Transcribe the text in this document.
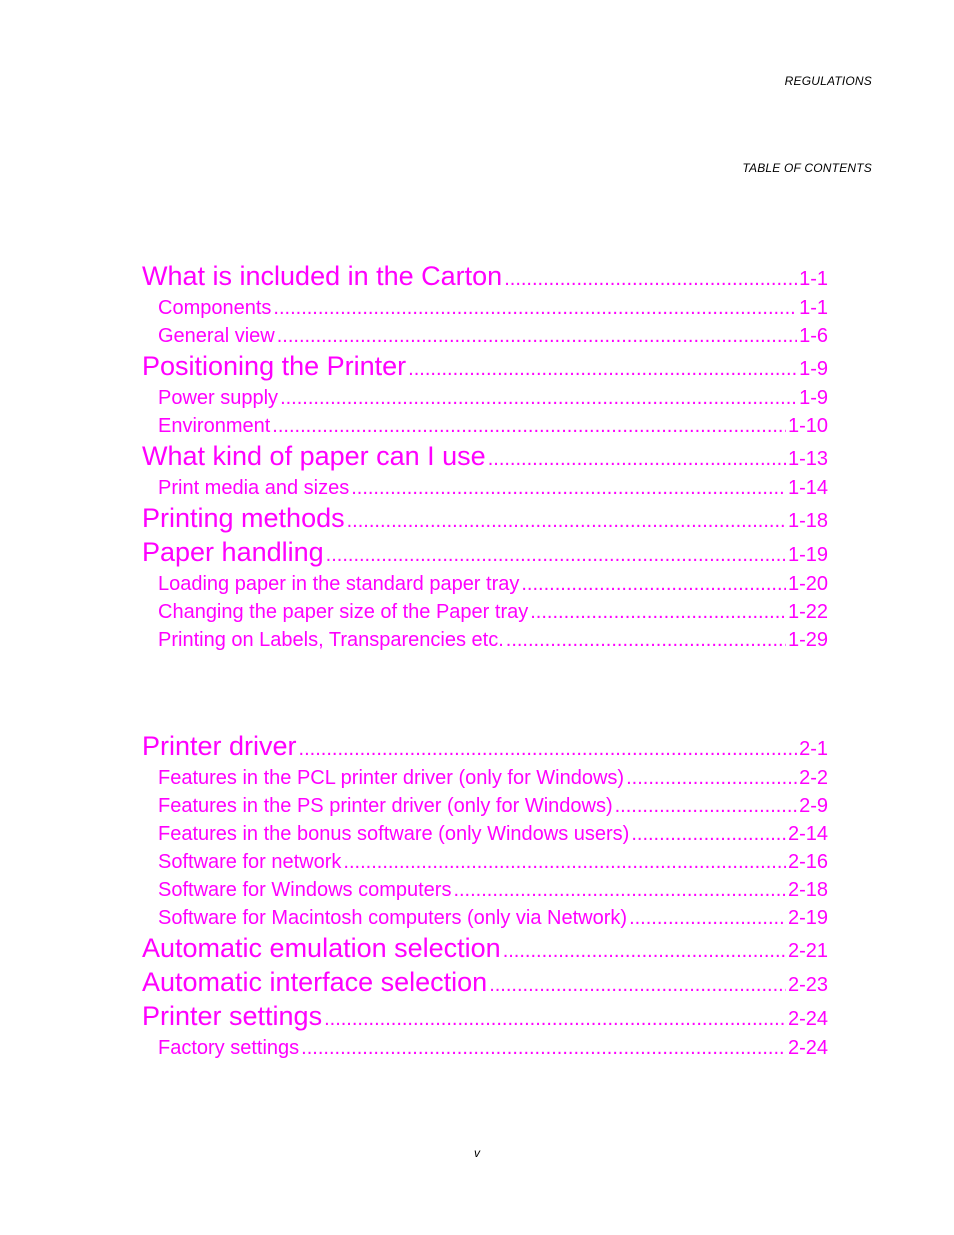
REGULATIONS
TABLE OF CONTENTS
What is included in the Carton .....	1-1
Components .....	1-1
General view .....	1-6
Positioning the Printer .....	1-9
Power supply .....	1-9
Environment .....	1-10
What kind of paper can I use .....	1-13
Print media and sizes .....	1-14
Printing methods .....	1-18
Paper handling .....	1-19
Loading paper in the standard paper tray .....	1-20
Changing the paper size of the Paper tray .....	1-22
Printing on Labels, Transparencies etc. .....	1-29
Printer driver .....	2-1
Features in the PCL printer driver (only for Windows) .....	2-2
Features in the PS printer driver (only for Windows) .....	2-9
Features in the bonus software (only Windows users) .....	2-14
Software for network .....	2-16
Software for Windows computers .....	2-18
Software for Macintosh computers (only via Network) .....	2-19
Automatic emulation selection .....	2-21
Automatic interface selection .....	2-23
Printer settings .....	2-24
Factory settings .....	2-24
v
